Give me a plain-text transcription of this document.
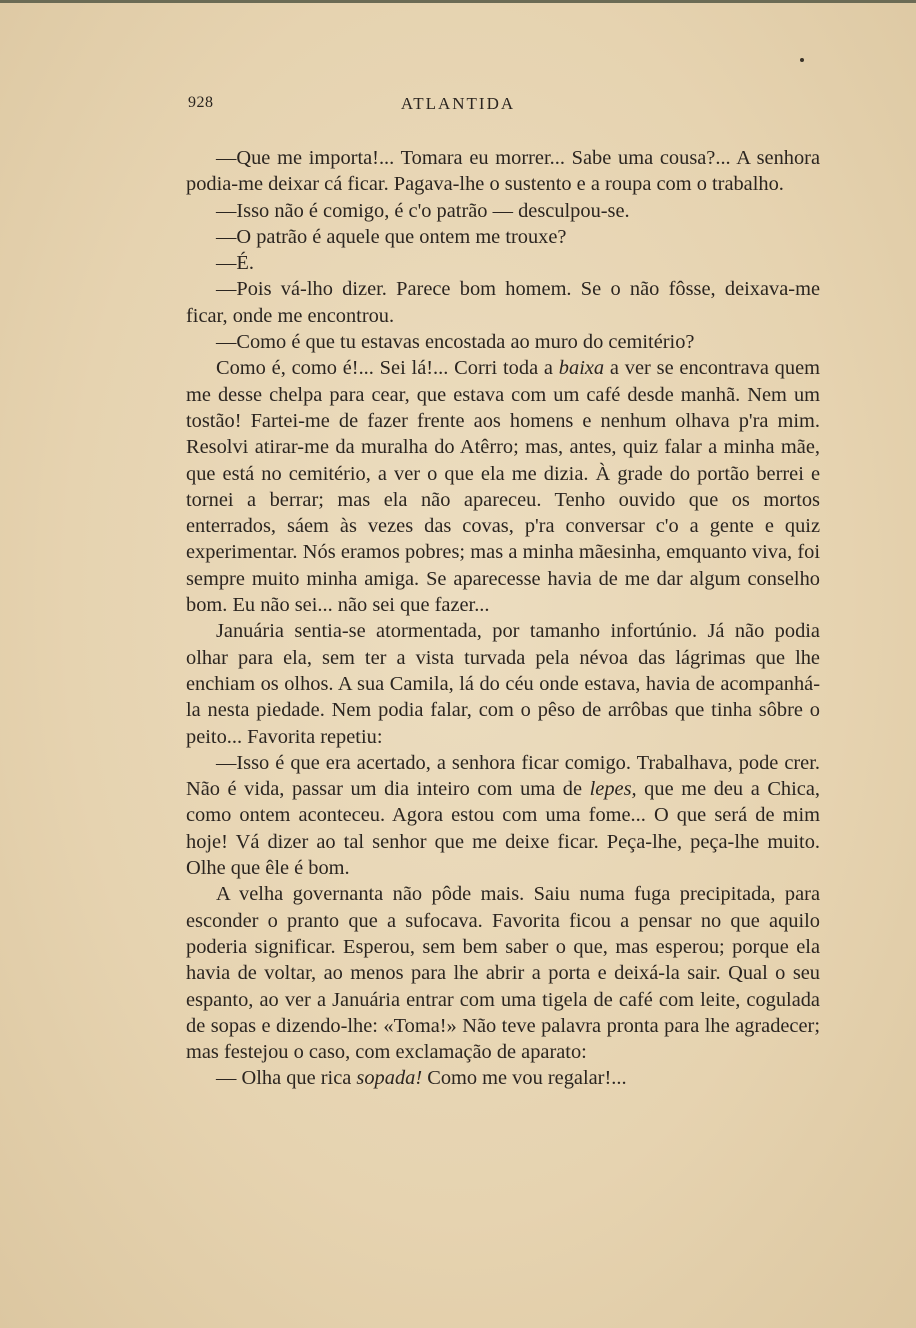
928	ATLANTIDA

—Que me importa!... Tomara eu morrer... Sabe uma cousa?... A senhora podia-me deixar cá ficar. Pagava-lhe o sustento e a roupa com o trabalho.

—Isso não é comigo, é c'o patrão — desculpou-se.

—O patrão é aquele que ontem me trouxe?

—É.

—Pois vá-lho dizer. Parece bom homem. Se o não fôsse, deixava-me ficar, onde me encontrou.

—Como é que tu estavas encostada ao muro do cemitério?

Como é, como é!... Sei lá!... Corri toda a baixa a ver se encontrava quem me desse chelpa para cear, que estava com um café desde manhã. Nem um tostão! Fartei-me de fazer frente aos homens e nenhum olhava p'ra mim. Resolvi atirar-me da muralha do Atêrro; mas, antes, quiz falar a minha mãe, que está no cemitério, a ver o que ela me dizia. À grade do portão berrei e tornei a berrar; mas ela não apareceu. Tenho ouvido que os mortos enterrados, sáem às vezes das covas, p'ra conversar c'o a gente e quiz experimentar. Nós eramos pobres; mas a minha mãesinha, emquanto viva, foi sempre muito minha amiga. Se aparecesse havia de me dar algum conselho bom. Eu não sei... não sei que fazer...

Januária sentia-se atormentada, por tamanho infortúnio. Já não podia olhar para ela, sem ter a vista turvada pela névoa das lágrimas que lhe enchiam os olhos. A sua Camila, lá do céu onde estava, havia de acompanhá-la nesta piedade. Nem podia falar, com o pêso de arrôbas que tinha sôbre o peito... Favorita repetiu:

—Isso é que era acertado, a senhora ficar comigo. Trabalhava, pode crer. Não é vida, passar um dia inteiro com uma de lepes, que me deu a Chica, como ontem aconteceu. Agora estou com uma fome... O que será de mim hoje! Vá dizer ao tal senhor que me deixe ficar. Peça-lhe, peça-lhe muito. Olhe que êle é bom.

A velha governanta não pôde mais. Saiu numa fuga precipitada, para esconder o pranto que a sufocava. Favorita ficou a pensar no que aquilo poderia significar. Esperou, sem bem saber o que, mas esperou; porque ela havia de voltar, ao menos para lhe abrir a porta e deixá-la sair. Qual o seu espanto, ao ver a Januária entrar com uma tigela de café com leite, cogulada de sopas e dizendo-lhe: «Toma!» Não teve palavra pronta para lhe agradecer; mas festejou o caso, com exclamação de aparato:

— Olha que rica sopada! Como me vou regalar!...
